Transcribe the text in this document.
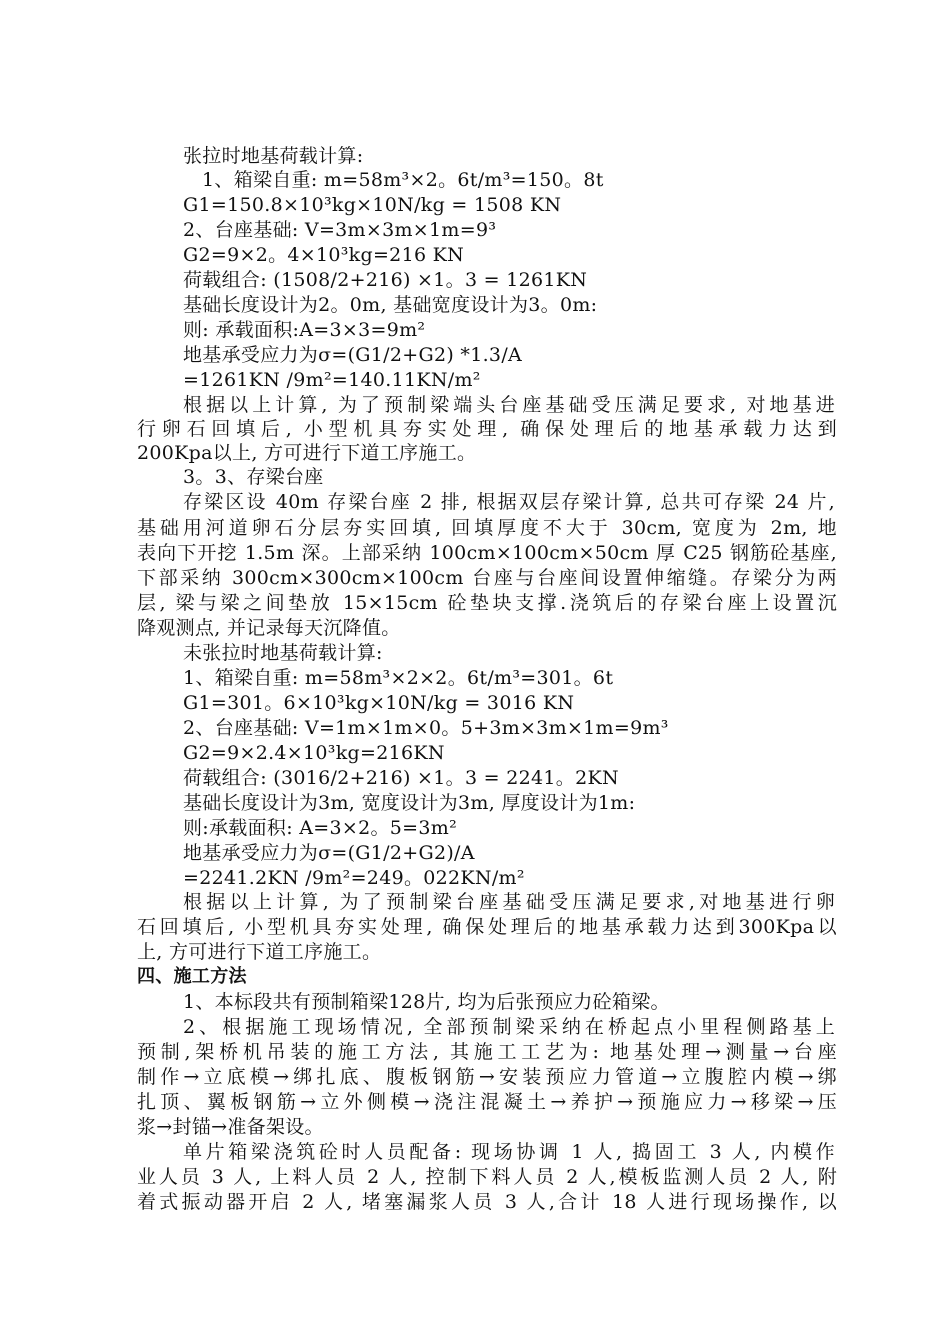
张拉时地基荷载计算:
1、箱梁自重: m=58m³×2。6t/m³=150。8t
G1=150.8×10³kg×10N/kg = 1508 KN
2、台座基础: V=3m×3m×1m=9³
G2=9×2。4×10³kg=216 KN
荷载组合: (1508/2+216) ×1。3 = 1261KN
基础长度设计为2。0m, 基础宽度设计为3。0m:
则: 承载面积:A=3×3=9m²
地基承受应力为σ=(G1/2+G2) *1.3/A
=1261KN /9m²=140.11KN/m²
根据以上计算, 为了预制梁端头台座基础受压满足要求, 对地基进
行卵石回填后, 小型机具夯实处理, 确保处理后的地基承载力达到
200Kpa以上, 方可进行下道工序施工。
3。3、存梁台座
存梁区设 40m 存梁台座 2 排, 根据双层存梁计算, 总共可存梁 24 片,
基础用河道卵石分层夯实回填, 回填厚度不大于 30cm, 宽度为 2m, 地
表向下开挖 1.5m 深。上部采纳 100cm×100cm×50cm 厚 C25 钢筋砼基座,
下部采纳 300cm×300cm×100cm 台座与台座间设置伸缩缝。存梁分为两
层, 梁与梁之间垫放 15×15cm 砼垫块支撑.浇筑后的存梁台座上设置沉
降观测点, 并记录每天沉降值。
未张拉时地基荷载计算:
1、箱梁自重: m=58m³×2×2。6t/m³=301。6t
G1=301。6×10³kg×10N/kg = 3016 KN
2、台座基础: V=1m×1m×0。5+3m×3m×1m=9m³
G2=9×2.4×10³kg=216KN
荷载组合: (3016/2+216) ×1。3 = 2241。2KN
基础长度设计为3m, 宽度设计为3m, 厚度设计为1m:
则:承载面积: A=3×2。5=3m²
地基承受应力为σ=(G1/2+G2)/A
=2241.2KN /9m²=249。022KN/m²
根据以上计算, 为了预制梁台座基础受压满足要求,对地基进行卵
石回填后, 小型机具夯实处理, 确保处理后的地基承载力达到300Kpa以
上, 方可进行下道工序施工。
四、施工方法
1、本标段共有预制箱梁128片, 均为后张预应力砼箱梁。
2、根据施工现场情况, 全部预制梁采纳在桥起点小里程侧路基上
预制,架桥机吊装的施工方法, 其施工工艺为: 地基处理→测量→台座
制作→立底模→绑扎底、腹板钢筋→安装预应力管道→立腹腔内模→绑
扎顶、翼板钢筋→立外侧模→浇注混凝土→养护→预施应力→移梁→压
浆→封锚→准备架设。
单片箱梁浇筑砼时人员配备: 现场协调 1 人, 捣固工 3 人, 内模作
业人员 3 人, 上料人员 2 人, 控制下料人员 2 人,模板监测人员 2 人, 附
着式振动器开启 2 人, 堵塞漏浆人员 3 人,合计 18 人进行现场操作, 以
